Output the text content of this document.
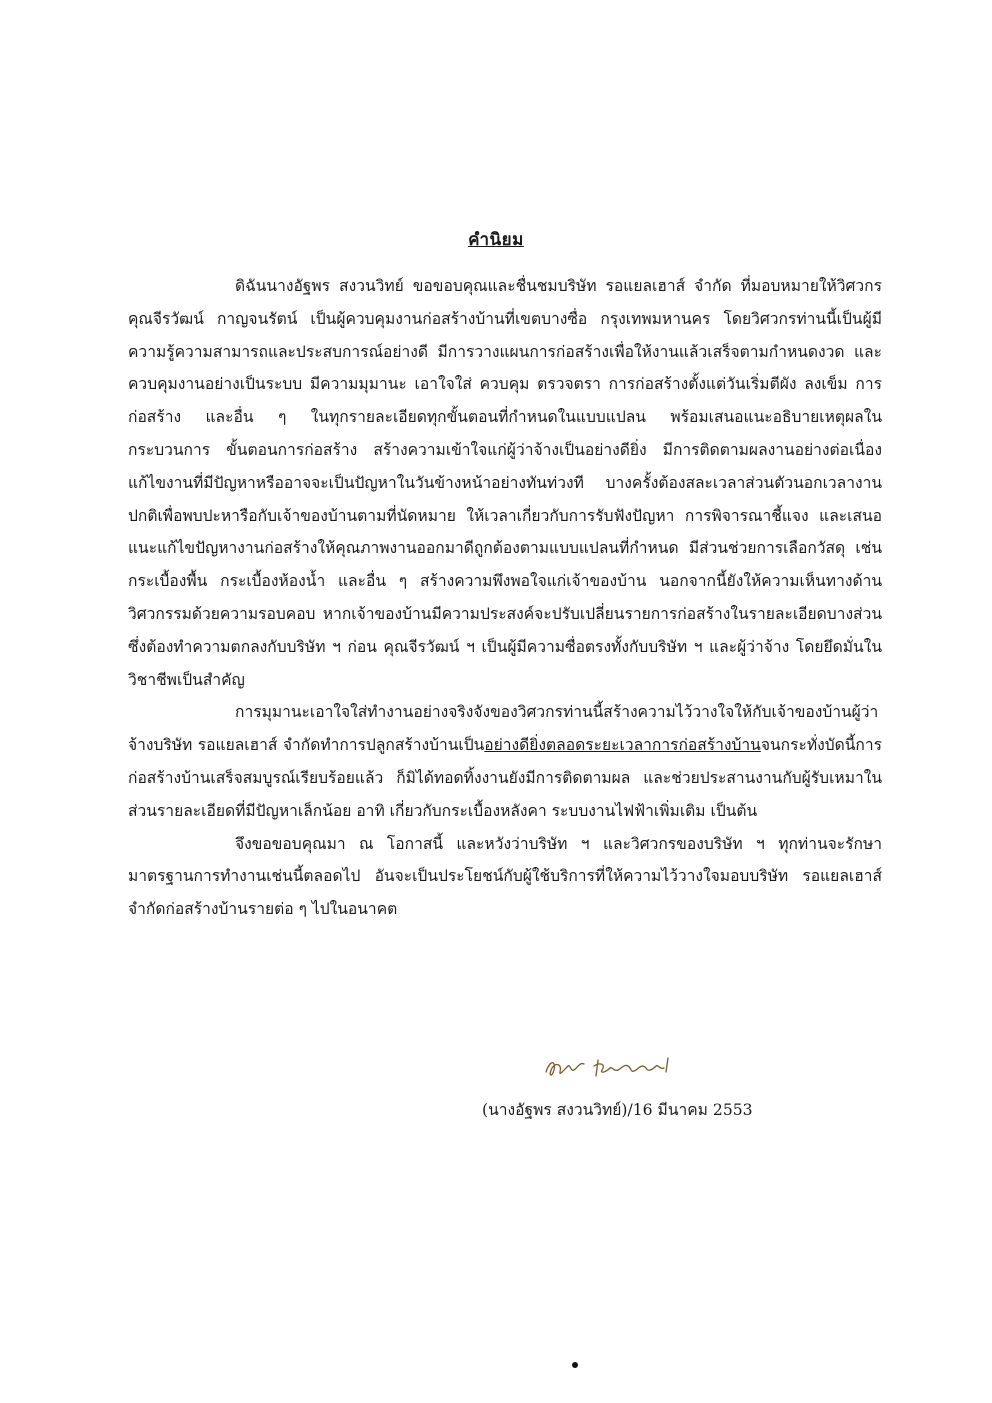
คำนิยม

ดิฉันนางอัฐพร สงวนวิทย์ ขอขอบคุณและชื่นชมบริษัท รอแยลเฮาส์ จำกัด ที่มอบหมายให้วิศวกร คุณจีรวัฒน์ กาญจนรัตน์ เป็นผู้ควบคุมงานก่อสร้างบ้านที่เขตบางซื่อ กรุงเทพมหานคร โดยวิศวกรท่านนี้เป็นผู้มีความรู้ความสามารถและประสบการณ์อย่างดี มีการวางแผนการก่อสร้างเพื่อให้งานแล้วเสร็จตามกำหนดงวด และควบคุมงานอย่างเป็นระบบ มีความมุมานะ เอาใจใส่ ควบคุม ตรวจตรา การก่อสร้างตั้งแต่วันเริ่มตีผัง ลงเข็ม การก่อสร้าง และอื่น ๆ ในทุกรายละเอียดทุกขั้นตอนที่กำหนดในแบบแปลน พร้อมเสนอแนะอธิบายเหตุผลในกระบวนการ ขั้นตอนการก่อสร้าง สร้างความเข้าใจแก่ผู้ว่าจ้างเป็นอย่างดียิ่ง มีการติดตามผลงานอย่างต่อเนื่อง แก้ไขงานที่มีปัญหาหรืออาจจะเป็นปัญหาในวันข้างหน้าอย่างทันท่วงที บางครั้งต้องสละเวลาส่วนตัวนอกเวลางานปกติเพื่อพบปะหารือกับเจ้าของบ้านตามที่นัดหมาย ให้เวลาเกี่ยวกับการรับฟังปัญหา การพิจารณาชี้แจง และเสนอแนะแก้ไขปัญหางานก่อสร้างให้คุณภาพงานออกมาดีถูกต้องตามแบบแปลนที่กำหนด มีส่วนช่วยการเลือกวัสดุ เช่น กระเบื้องพื้น กระเบื้องห้องน้ำ และอื่น ๆ สร้างความพึงพอใจแก่เจ้าของบ้าน นอกจากนี้ยังให้ความเห็นทางด้านวิศวกรรมด้วยความรอบคอบ หากเจ้าของบ้านมีความประสงค์จะปรับเปลี่ยนรายการก่อสร้างในรายละเอียดบางส่วนซึ่งต้องทำความตกลงกับบริษัท ฯ ก่อน คุณจีรวัฒน์ ฯ เป็นผู้มีความซื่อตรงทั้งกับบริษัท ฯ และผู้ว่าจ้าง โดยยึดมั่นในวิชาชีพเป็นสำคัญ

การมุมานะเอาใจใส่ทำงานอย่างจริงจังของวิศวกรท่านนี้สร้างความไว้วางใจให้กับเจ้าของบ้านผู้ว่าจ้างบริษัท รอแยลเฮาส์ จำกัดทำการปลูกสร้างบ้านเป็นอย่างดียิ่งตลอดระยะเวลาการก่อสร้างบ้านจนกระทั่งบัดนี้การก่อสร้างบ้านเสร็จสมบูรณ์เรียบร้อยแล้ว ก็มิได้ทอดทิ้งงานยังมีการติดตามผล และช่วยประสานงานกับผู้รับเหมาในส่วนรายละเอียดที่มีปัญหาเล็กน้อย อาทิ เกี่ยวกับกระเบื้องหลังคา ระบบงานไฟฟ้าเพิ่มเติม เป็นต้น

จึงขอขอบคุณมา ณ โอกาสนี้ และหวังว่าบริษัท ฯ และวิศวกรของบริษัท ฯ ทุกท่านจะรักษามาตรฐานการทำงานเช่นนี้ตลอดไป อันจะเป็นประโยชน์กับผู้ใช้บริการที่ให้ความไว้วางใจมอบบริษัท รอแยลเฮาส์ จำกัดก่อสร้างบ้านรายต่อ ๆ ไปในอนาคต

(นางอัฐพร สงวนวิทย์)/16 มีนาคม 2553
